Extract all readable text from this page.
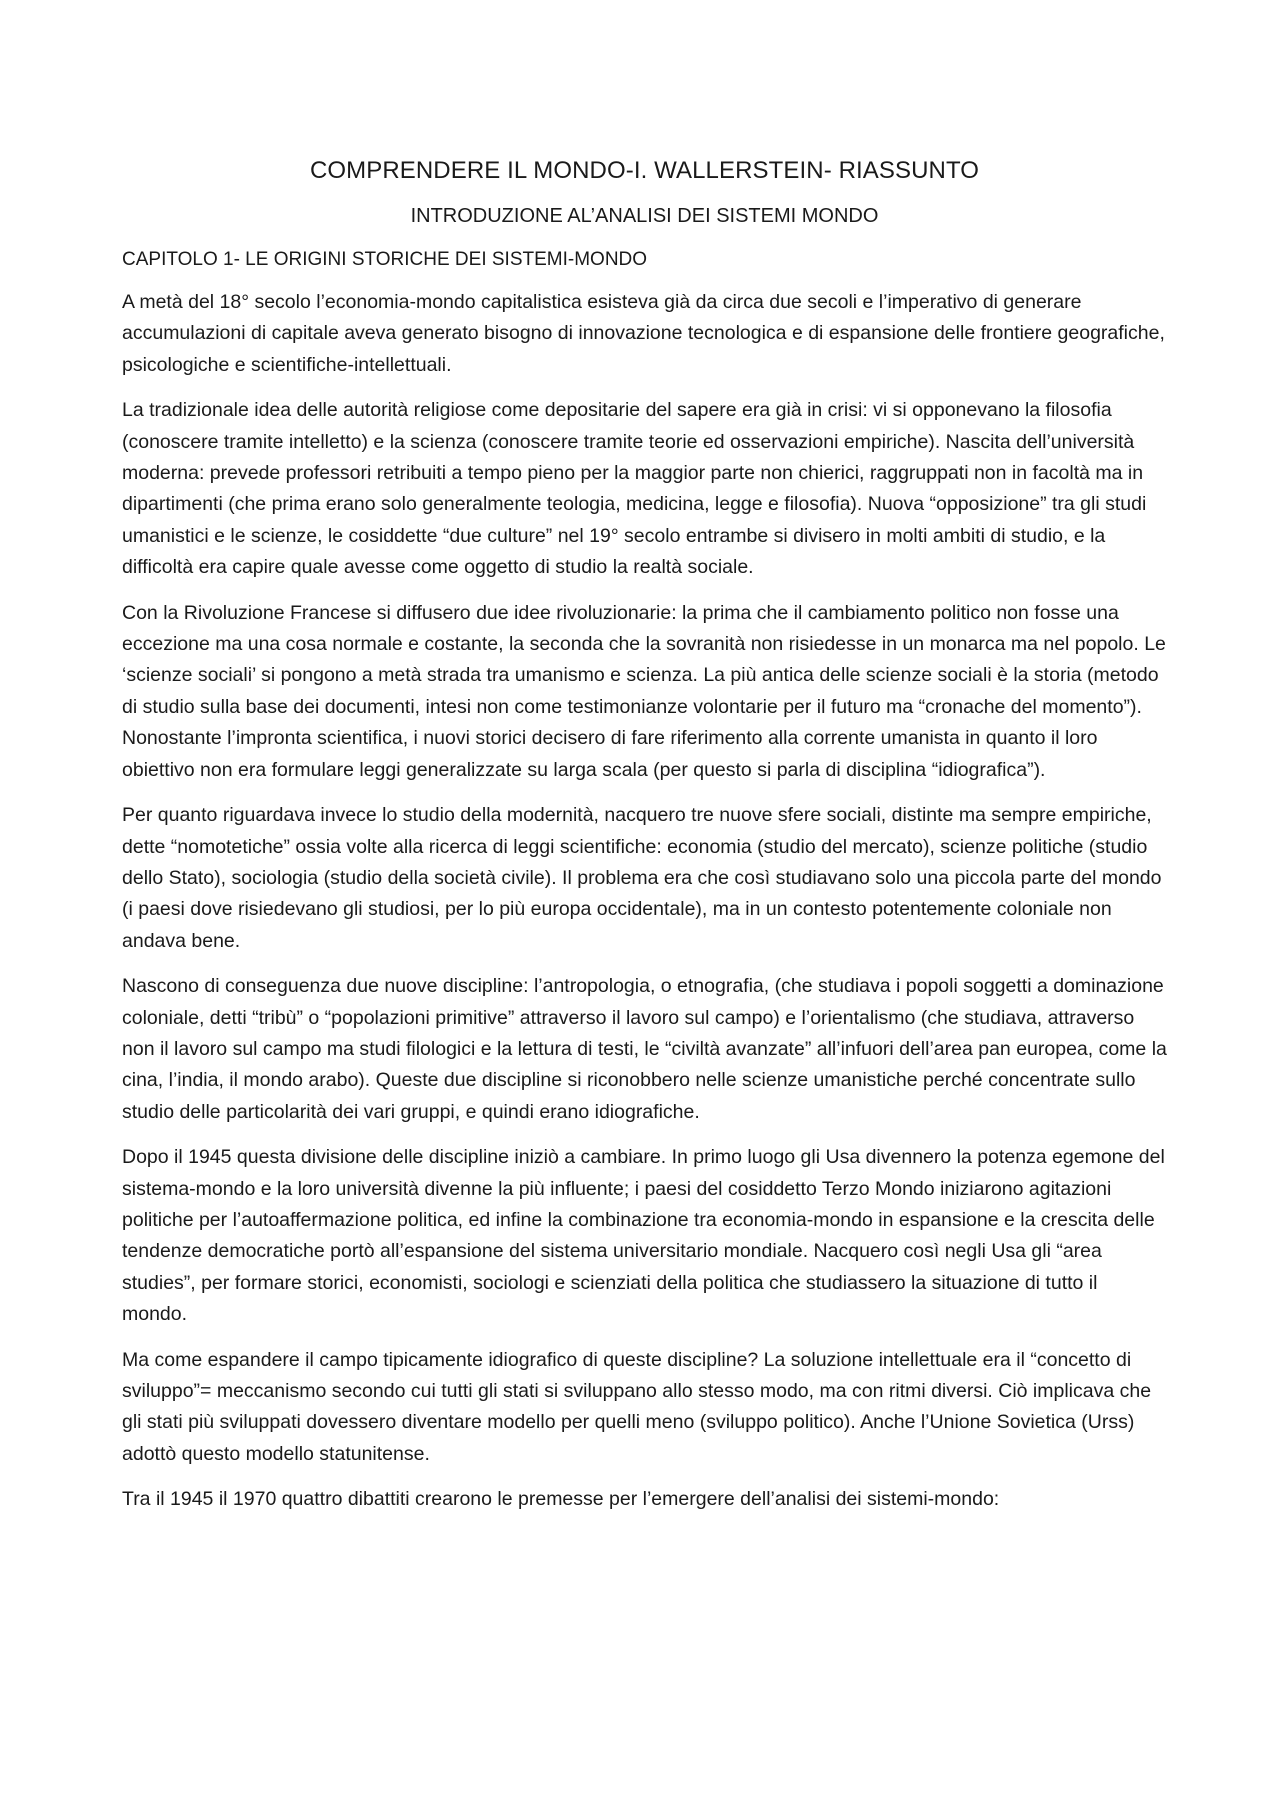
COMPRENDERE IL MONDO-I. WALLERSTEIN- RIASSUNTO
INTRODUZIONE AL’ANALISI DEI SISTEMI MONDO
CAPITOLO 1- LE ORIGINI STORICHE DEI SISTEMI-MONDO

A metà del 18° secolo l’economia-mondo capitalistica esisteva già da circa due secoli e l’imperativo di generare accumulazioni di capitale aveva generato bisogno di innovazione tecnologica e di espansione delle frontiere geografiche, psicologiche e scientifiche-intellettuali.

La tradizionale idea delle autorità religiose come depositarie del sapere era già in crisi: vi si opponevano la filosofia (conoscere tramite intelletto) e la scienza (conoscere tramite teorie ed osservazioni empiriche). Nascita dell’università moderna: prevede professori retribuiti a tempo pieno per la maggior parte non chierici, raggruppati non in facoltà ma in dipartimenti (che prima erano solo generalmente teologia, medicina, legge e filosofia). Nuova “opposizione” tra gli studi umanistici e le scienze, le cosiddette “due culture” nel 19° secolo entrambe si divisero in molti ambiti di studio, e la difficoltà era capire quale avesse come oggetto di studio la realtà sociale.

Con la Rivoluzione Francese si diffusero due idee rivoluzionarie: la prima che il cambiamento politico non fosse una eccezione ma una cosa normale e costante, la seconda che la sovranità non risiedesse in un monarca ma nel popolo. Le ‘scienze sociali’ si pongono a metà strada tra umanismo e scienza. La più antica delle scienze sociali è la storia (metodo di studio sulla base dei documenti, intesi non come testimonianze volontarie per il futuro ma “cronache del momento”). Nonostante l’impronta scientifica, i nuovi storici decisero di fare riferimento alla corrente umanista in quanto il loro obiettivo non era formulare leggi generalizzate su larga scala (per questo si parla di disciplina “idiografica”).

Per quanto riguardava invece lo studio della modernità, nacquero tre nuove sfere sociali, distinte ma sempre empiriche, dette “nomotetiche” ossia volte alla ricerca di leggi scientifiche: economia (studio del mercato), scienze politiche (studio dello Stato), sociologia (studio della società civile). Il problema era che così studiavano solo una piccola parte del mondo (i paesi dove risiedevano gli studiosi, per lo più europa occidentale), ma in un contesto potentemente coloniale non andava bene.

Nascono di conseguenza due nuove discipline: l’antropologia, o etnografia, (che studiava i popoli soggetti a dominazione coloniale, detti “tribù” o “popolazioni primitive” attraverso il lavoro sul campo) e l’orientalismo (che studiava, attraverso non il lavoro sul campo ma studi filologici e la lettura di testi, le “civiltà avanzate” all’infuori dell’area pan europea, come la cina, l’india, il mondo arabo). Queste due discipline si riconobbero nelle scienze umanistiche perché concentrate sullo studio delle particolarità dei vari gruppi, e quindi erano idiografiche.

Dopo il 1945 questa divisione delle discipline iniziò a cambiare. In primo luogo gli Usa divennero la potenza egemone del sistema-mondo e la loro università divenne la più influente; i paesi del cosiddetto Terzo Mondo iniziarono agitazioni politiche per l’autoaffermazione politica, ed infine la combinazione tra economia-mondo in espansione e la crescita delle tendenze democratiche portò all’espansione del sistema universitario mondiale. Nacquero così negli Usa gli “area studies”, per formare storici, economisti, sociologi e scienziati della politica che studiassero la situazione di tutto il mondo.

Ma come espandere il campo tipicamente idiografico di queste discipline? La soluzione intellettuale era il “concetto di sviluppo”= meccanismo secondo cui tutti gli stati si sviluppano allo stesso modo, ma con ritmi diversi. Ciò implicava che gli stati più sviluppati dovessero diventare modello per quelli meno (sviluppo politico). Anche l’Unione Sovietica (Urss) adottò questo modello statunitense.

Tra il 1945 il 1970 quattro dibattiti crearono le premesse per l’emergere dell’analisi dei sistemi-mondo:
